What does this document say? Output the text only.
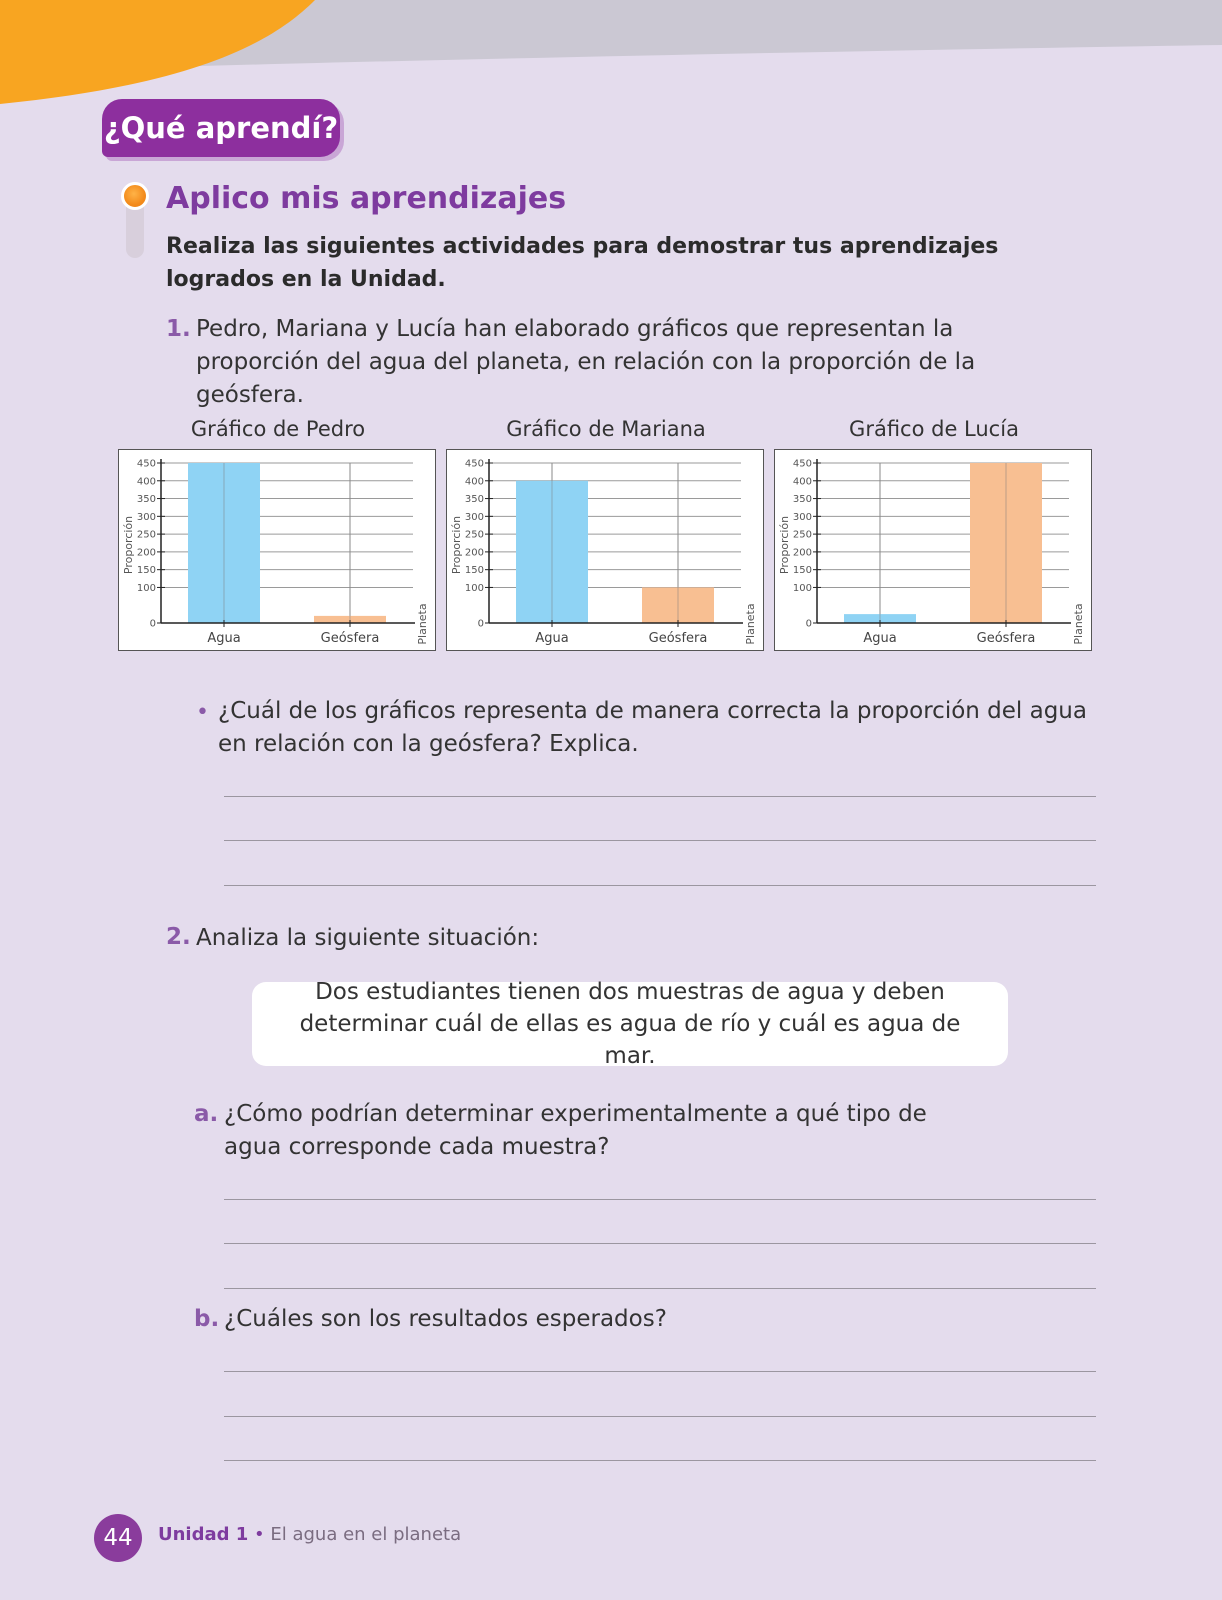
¿Qué aprendí?
Aplico mis aprendizajes
Realiza las siguientes actividades para demostrar tus aprendizajes logrados en la Unidad.
1. Pedro, Mariana y Lucía han elaborado gráficos que representan la proporción del agua del planeta, en relación con la proporción de la geósfera.
Gráfico de Pedro
0
100
150
200
250
300
350
400
450
Agua	Geósfera
Proporción
Planeta
Gráfico de Mariana
0
100
150
200
250
300
350
400
450
Agua	Geósfera
Proporción
Planeta
Gráfico de Lucía
0
100
150
200
250
300
350
400
450
Agua	Geósfera
Proporción
Planeta
• ¿Cuál de los gráficos representa de manera correcta la proporción del agua en relación con la geósfera? Explica.
2. Analiza la siguiente situación:
Dos estudiantes tienen dos muestras de agua y deben determinar cuál de ellas es agua de río y cuál es agua de mar.
a. ¿Cómo podrían determinar experimentalmente a qué tipo de agua corresponde cada muestra?
b. ¿Cuáles son los resultados esperados?
44	Unidad 1 • El agua en el planeta
